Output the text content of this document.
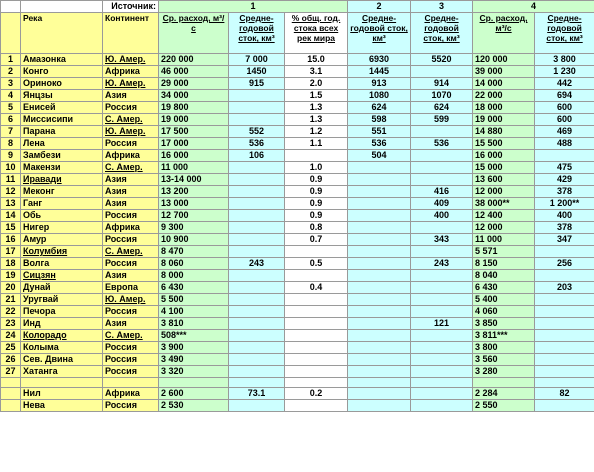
		Источник:	1			2	3	4	
	Река	Континент	Ср. расход, м³/с	Средне-годовой сток, км³	% общ. год. стока всех рек мира	Средне-годовой сток, км³	Средне-годовой сток, км³	Ср. расход, м³/с	Средне-годовой сток, км³
1	Амазонка	Ю. Амер.	220 000	7 000	15.0	6930	5520	120 000	3 800
2	Конго	Африка	46 000	1450	3.1	1445		39 000	1 230
3	Ориноко	Ю. Амер.	29 000	915	2.0	913	914	14 000	442
4	Янцзы	Азия	34 000		1.5	1080	1070	22 000	694
5	Енисей	Россия	19 800		1.3	624	624	18 000	600
6	Миссисипи	С. Амер.	19 000		1.3	598	599	19 000	600
7	Парана	Ю. Амер.	17 500	552	1.2	551		14 880	469
8	Лена	Россия	17 000	536	1.1	536	536	15 500	488
9	Замбези	Африка	16 000	106		504		16 000	
10	Макензи	С. Амер.	11 000		1.0			15 000	475
11	Иравади	Азия	13-14 000		0.9			13 600	429
12	Меконг	Азия	13 200		0.9		416	12 000	378
13	Ганг	Азия	13 000		0.9		409	38 000**	1 200**
14	Обь	Россия	12 700		0.9		400	12 400	400
15	Нигер	Африка	9 300		0.8			12 000	378
16	Амур	Россия	10 900		0.7		343	11 000	347
17	Колумбия	С. Амер.	8 470					5 571	
18	Волга	Россия	8 060	243	0.5		243	8 150	256
19	Сицзян	Азия	8 000					8 040	
20	Дунай	Европа	6 430		0.4			6 430	203
21	Уругвай	Ю. Амер.	5 500					5 400	
22	Печора	Россия	4 100					4 060	
23	Инд	Азия	3 810				121	3 850	
24	Колорадо	С. Амер.	508***					3 811***	
25	Колыма	Россия	3 900					3 800	
26	Сев. Двина	Россия	3 490					3 560	
27	Хатанга	Россия	3 320					3 280	

	Нил	Африка	2 600	73.1	0.2			2 284	82
	Нева	Россия	2 530					2 550	
